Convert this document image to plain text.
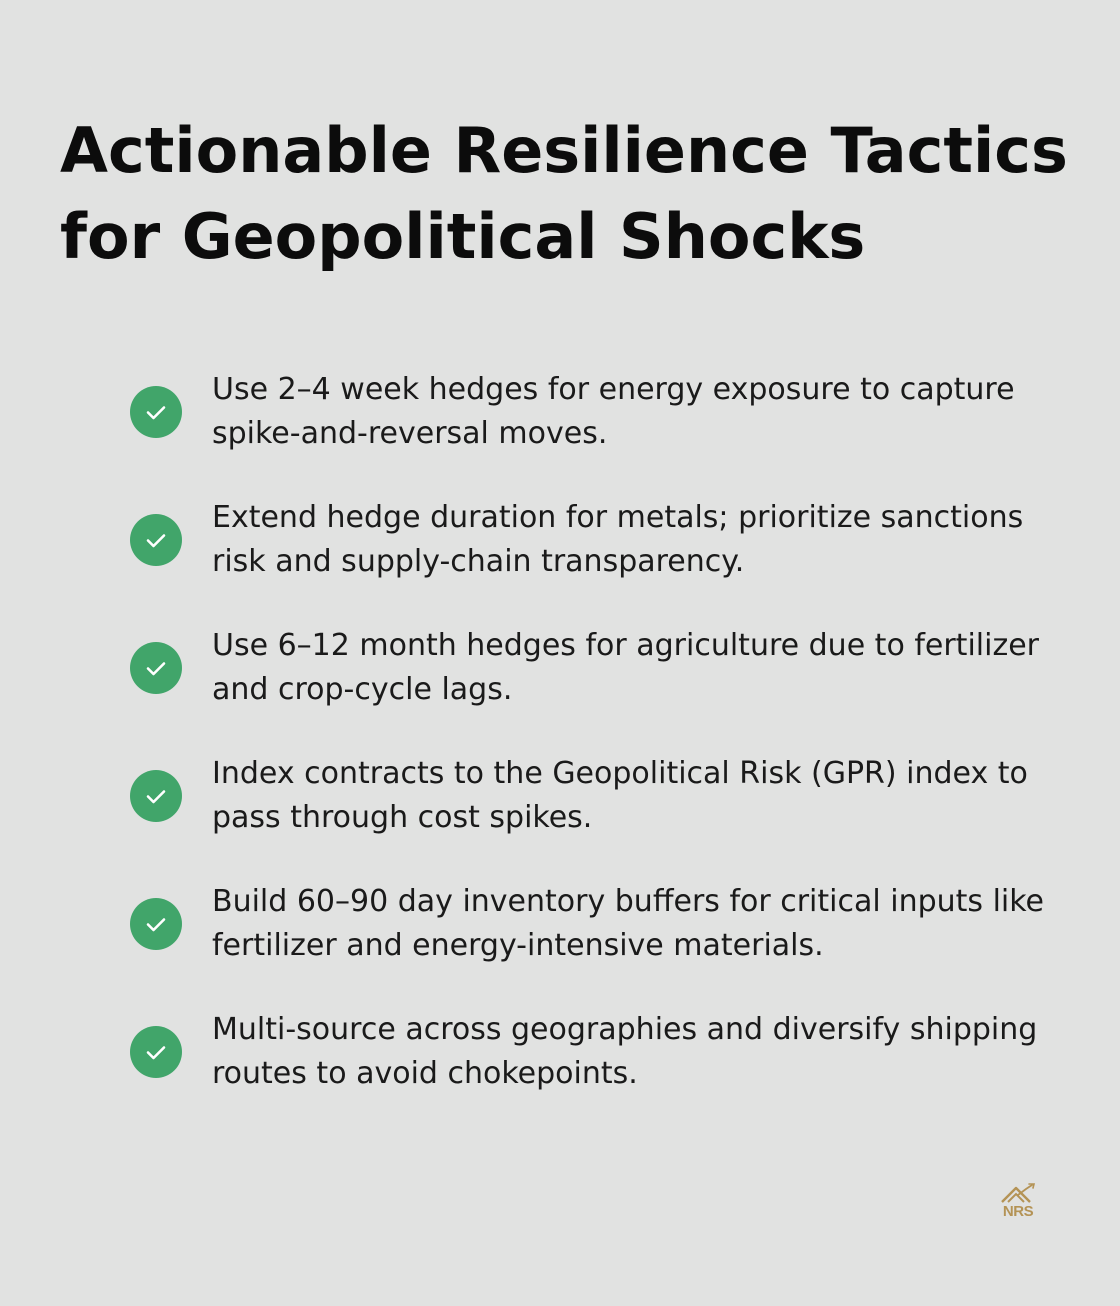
Actionable Resilience Tactics
for Geopolitical Shocks
Use 2–4 week hedges for energy exposure to capture
spike-and-reversal moves.
Extend hedge duration for metals; prioritize sanctions
risk and supply-chain transparency.
Use 6–12 month hedges for agriculture due to fertilizer
and crop-cycle lags.
Index contracts to the Geopolitical Risk (GPR) index to
pass through cost spikes.
Build 60–90 day inventory buffers for critical inputs like
fertilizer and energy-intensive materials.
Multi-source across geographies and diversify shipping
routes to avoid chokepoints.
NRS
